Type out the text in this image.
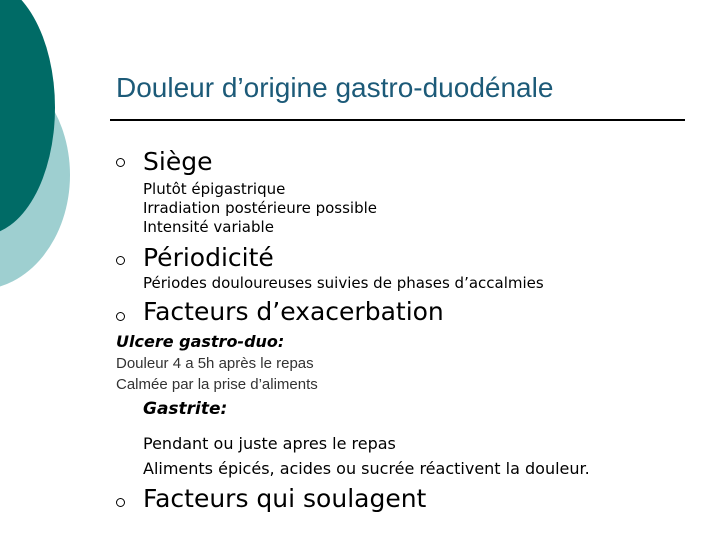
Douleur d’origine gastro-duodénale
Siège
Plutôt épigastrique
Irradiation postérieure possible
Intensité variable
Périodicité
Périodes douloureuses suivies de phases d’accalmies
Facteurs d’exacerbation
Ulcere gastro-duo:
Douleur 4 a 5h après le repas
Calmée par la prise d’aliments
Gastrite:
Pendant ou juste apres le repas
Aliments épicés, acides ou sucrée réactivent la douleur.
Facteurs qui soulagent
